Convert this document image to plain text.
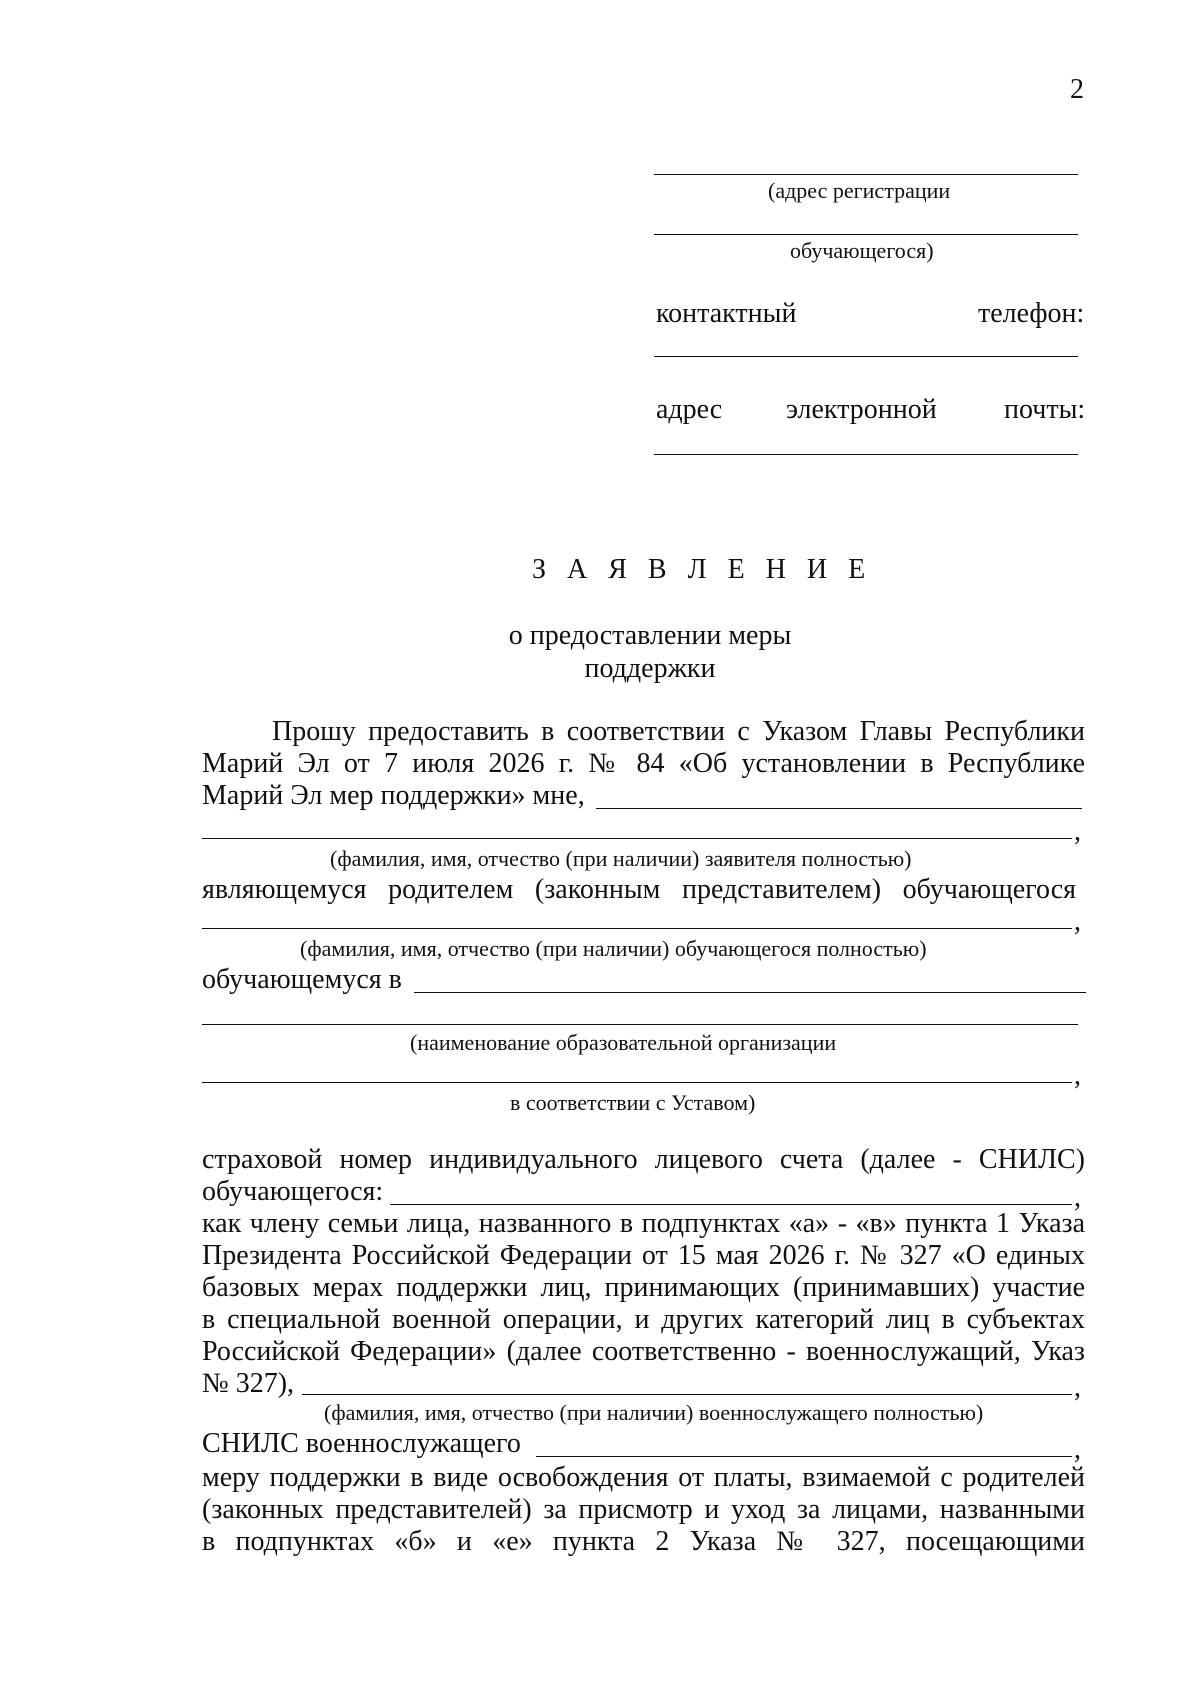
2
(адрес регистрации
обучающегося)
контактный	телефон:
адрес электронной почты:
З А Я В Л Е Н И Е
о предоставлении меры
поддержки
Прошу предоставить в соответствии с Указом Главы Республики
Марий Эл от 7 июля 2026 г. № 84 «Об установлении в Республике
Марий Эл мер поддержки» мне,
,
(фамилия, имя, отчество (при наличии) заявителя полностью)
являющемуся родителем (законным представителем) обучающегося
,
(фамилия, имя, отчество (при наличии) обучающегося полностью)
обучающемуся в
(наименование образовательной организации
,
в соответствии с Уставом)
страховой номер индивидуального лицевого счета (далее - СНИЛС)
обучающегося:	,
как члену семьи лица, названного в подпунктах «а» - «в» пункта 1 Указа
Президента Российской Федерации от 15 мая 2026 г. № 327 «О единых
базовых мерах поддержки лиц, принимающих (принимавших) участие
в специальной военной операции, и других категорий лиц в субъектах
Российской Федерации» (далее соответственно - военнослужащий, Указ
№ 327),	,
(фамилия, имя, отчество (при наличии) военнослужащего полностью)
СНИЛС военнослужащего	,
меру поддержки в виде освобождения от платы, взимаемой с родителей
(законных представителей) за присмотр и уход за лицами, названными
в подпунктах «б» и «е» пункта 2 Указа № 327, посещающими
